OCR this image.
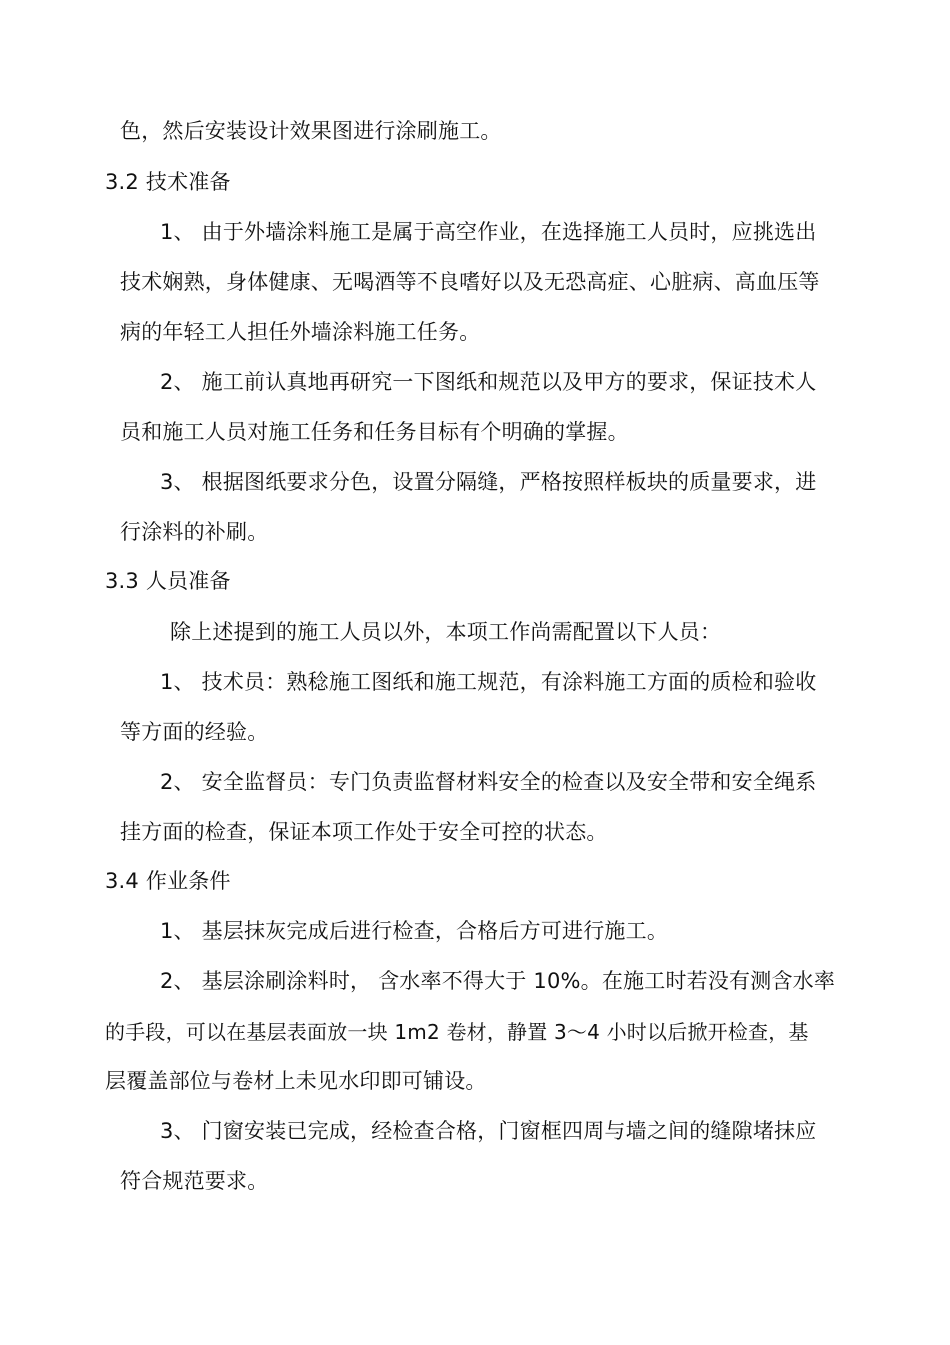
色，然后安装设计效果图进行涂刷施工。
3.2 技术准备
1、 由于外墙涂料施工是属于高空作业，在选择施工人员时，应挑选出
技术娴熟，身体健康、无喝酒等不良嗜好以及无恐高症、心脏病、高血压等
病的年轻工人担任外墙涂料施工任务。
2、 施工前认真地再研究一下图纸和规范以及甲方的要求，保证技术人
员和施工人员对施工任务和任务目标有个明确的掌握。
3、 根据图纸要求分色，设置分隔缝，严格按照样板块的质量要求，进
行涂料的补刷。
3.3 人员准备
除上述提到的施工人员以外，本项工作尚需配置以下人员：
1、 技术员：熟稔施工图纸和施工规范，有涂料施工方面的质检和验收
等方面的经验。
2、 安全监督员：专门负责监督材料安全的检查以及安全带和安全绳系
挂方面的检查，保证本项工作处于安全可控的状态。
3.4 作业条件
1、 基层抹灰完成后进行检查，合格后方可进行施工。
2、 基层涂刷涂料时， 含水率不得大于 10%。在施工时若没有测含水率
的手段，可以在基层表面放一块 1m2 卷材，静置 3～4 小时以后掀开检查，基
层覆盖部位与卷材上未见水印即可铺设。
3、 门窗安装已完成，经检查合格，门窗框四周与墙之间的缝隙堵抹应
符合规范要求。
